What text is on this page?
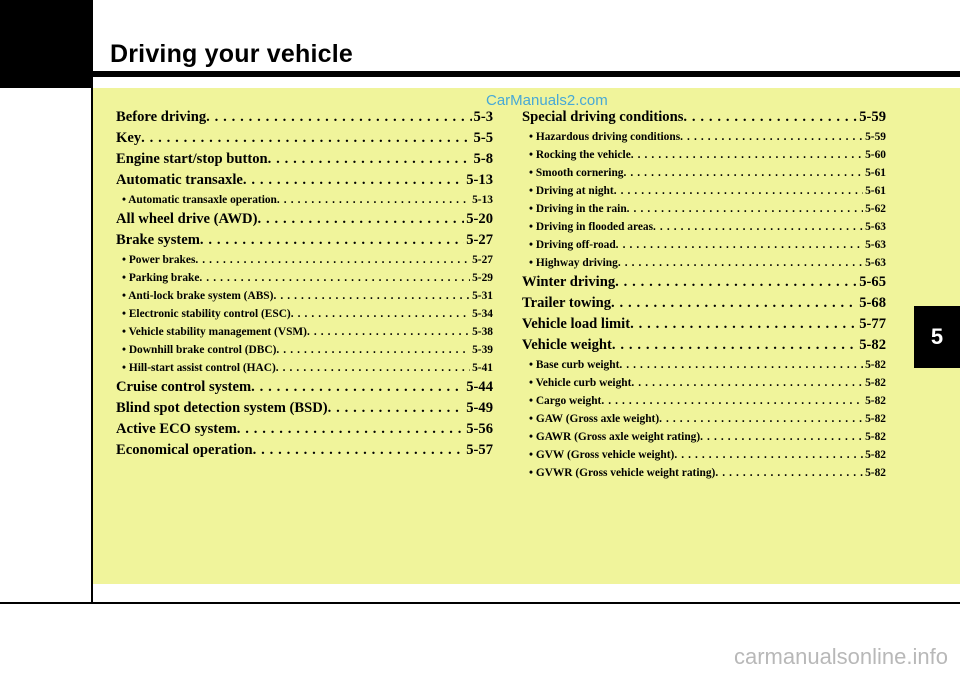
Driving your vehicle
CarManuals2.com
Before driving . . .	5-3
Key . . .	5-5
Engine start/stop button . . .	5-8
Automatic transaxle . . .	5-13
• Automatic transaxle operation . . .	5-13
All wheel drive (AWD) . . .	5-20
Brake system . . .	5-27
• Power brakes . . .	5-27
• Parking brake . . .	5-29
• Anti-lock brake system (ABS) . . .	5-31
• Electronic stability control (ESC) . . .	5-34
• Vehicle stability management (VSM) . . .	5-38
• Downhill brake control (DBC) . . .	5-39
• Hill-start assist control (HAC) . . .	5-41
Cruise control system . . .	5-44
Blind spot detection system (BSD) . . .	5-49
Active ECO system . . .	5-56
Economical operation . . .	5-57
Special driving conditions . . .	5-59
• Hazardous driving conditions . . .	5-59
• Rocking the vehicle . . .	5-60
• Smooth cornering . . .	5-61
• Driving at night . . .	5-61
• Driving in the rain . . .	5-62
• Driving in flooded areas . . .	5-63
• Driving off-road . . .	5-63
• Highway driving . . .	5-63
Winter driving . . .	5-65
Trailer towing . . .	5-68
Vehicle load limit . . .	5-77
Vehicle weight . . .	5-82
• Base curb weight . . .	5-82
• Vehicle curb weight . . .	5-82
• Cargo weight . . .	5-82
• GAW (Gross axle weight) . . .	5-82
• GAWR (Gross axle weight rating) . . .	5-82
• GVW (Gross vehicle weight) . . .	5-82
• GVWR (Gross vehicle weight rating) . . .	5-82
5
carmanualsonline.info
